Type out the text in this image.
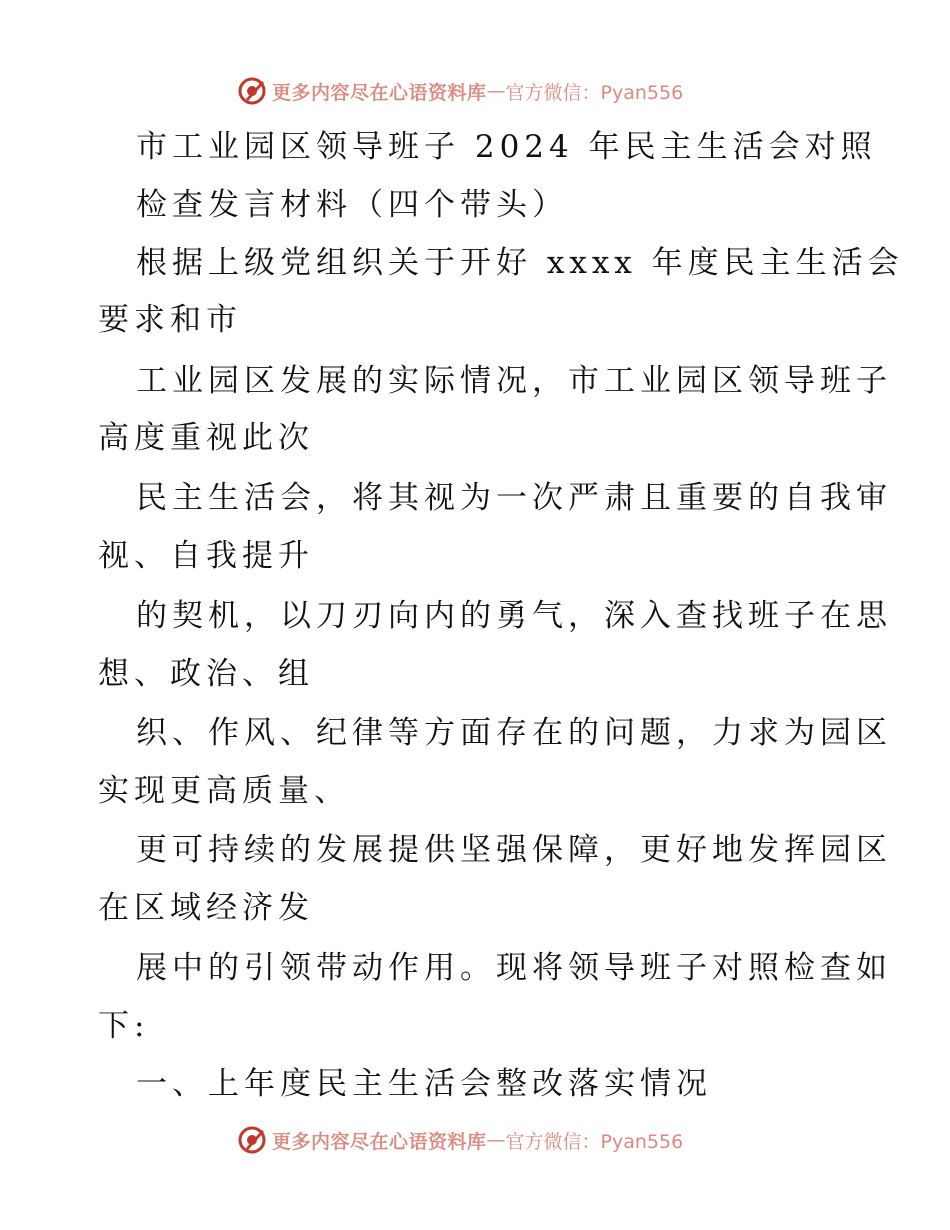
更多内容尽在心语资料库 — 官方微信：Pyan556
市工业园区领导班子 2024 年民主生活会对照
检查发言材料（四个带头）
根据上级党组织关于开好 xxxx 年度民主生活会
要求和市
工业园区发展的实际情况，市工业园区领导班子
高度重视此次
民主生活会，将其视为一次严肃且重要的自我审
视、自我提升
的契机，以刀刃向内的勇气，深入查找班子在思
想、政治、组
织、作风、纪律等方面存在的问题，力求为园区
实现更高质量、
更可持续的发展提供坚强保障，更好地发挥园区
在区域经济发
展中的引领带动作用。现将领导班子对照检查如
下:
一、上年度民主生活会整改落实情况
更多内容尽在心语资料库 — 官方微信：Pyan556
